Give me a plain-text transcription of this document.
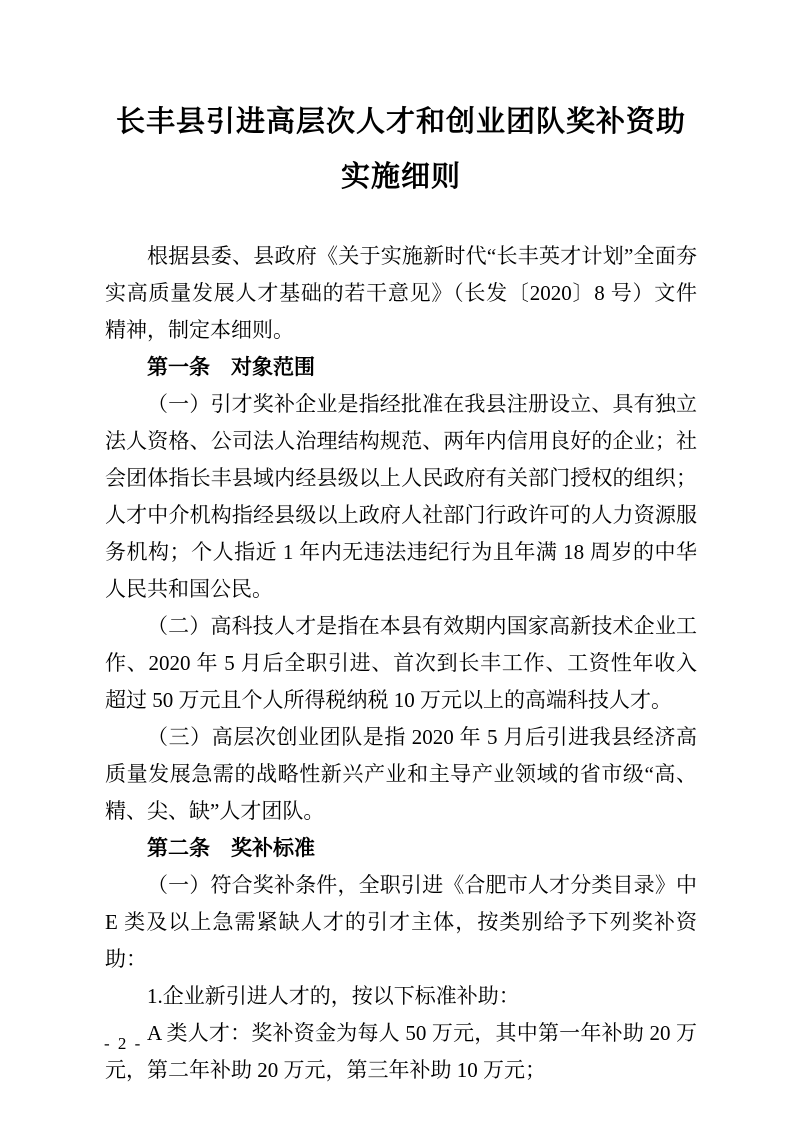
长丰县引进高层次人才和创业团队奖补资助
实施细则

根据县委、县政府《关于实施新时代“长丰英才计划”全面夯实高质量发展人才基础的若干意见》（长发〔2020〕8 号）文件精神，制定本细则。

第一条　对象范围

（一）引才奖补企业是指经批准在我县注册设立、具有独立法人资格、公司法人治理结构规范、两年内信用良好的企业；社会团体指长丰县域内经县级以上人民政府有关部门授权的组织；人才中介机构指经县级以上政府人社部门行政许可的人力资源服务机构；个人指近 1 年内无违法违纪行为且年满 18 周岁的中华人民共和国公民。

（二）高科技人才是指在本县有效期内国家高新技术企业工作、2020 年 5 月后全职引进、首次到长丰工作、工资性年收入超过 50 万元且个人所得税纳税 10 万元以上的高端科技人才。

（三）高层次创业团队是指 2020 年 5 月后引进我县经济高质量发展急需的战略性新兴产业和主导产业领域的省市级“高、精、尖、缺”人才团队。

第二条　奖补标准

（一）符合奖补条件，全职引进《合肥市人才分类目录》中 E 类及以上急需紧缺人才的引才主体，按类别给予下列奖补资助：

1.企业新引进人才的，按以下标准补助：

A 类人才：奖补资金为每人 50 万元，其中第一年补助 20 万元，第二年补助 20 万元，第三年补助 10 万元；

- 2 -
